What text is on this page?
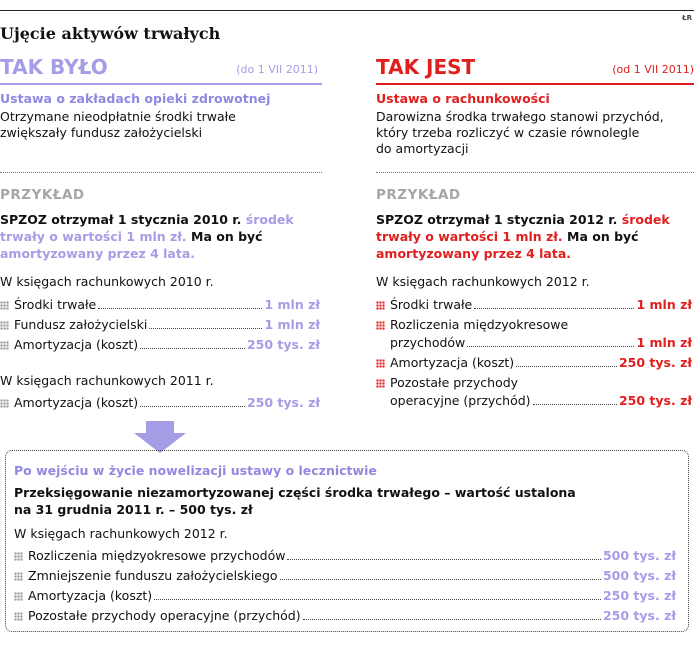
ŁR
Ujęcie aktywów trwałych
TAK BYŁO	(do 1 VII 2011)
Ustawa o zakładach opieki zdrowotnej
Otrzymane nieodpłatnie środki trwałe
zwiększały fundusz założycielski
PRZYKŁAD
SPZOZ otrzymał 1 stycznia 2010 r. środek
trwały o wartości 1 mln zł. Ma on być
amortyzowany przez 4 lata.
W księgach rachunkowych 2010 r.
Środki trwałe	1 mln zł
Fundusz założycielski	1 mln zł
Amortyzacja (koszt)	250 tys. zł
W księgach rachunkowych 2011 r.
Amortyzacja (koszt)	250 tys. zł
TAK JEST	(od 1 VII 2011)
Ustawa o rachunkowości
Darowizna środka trwałego stanowi przychód,
który trzeba rozliczyć w czasie równolegle
do amortyzacji
PRZYKŁAD
SPZOZ otrzymał 1 stycznia 2012 r. środek
trwały o wartości 1 mln zł. Ma on być
amortyzowany przez 4 lata.
W księgach rachunkowych 2012 r.
Środki trwałe	1 mln zł
Rozliczenia międzyokresowe
przychodów	1 mln zł
Amortyzacja (koszt)	250 tys. zł
Pozostałe przychody
operacyjne (przychód)	250 tys. zł
Po wejściu w życie nowelizacji ustawy o lecznictwie
Przeksięgowanie niezamortyzowanej części środka trwałego – wartość ustalona
na 31 grudnia 2011 r. – 500 tys. zł
W księgach rachunkowych 2012 r.
Rozliczenia międzyokresowe przychodów	500 tys. zł
Zmniejszenie funduszu założycielskiego	500 tys. zł
Amortyzacja (koszt)	250 tys. zł
Pozostałe przychody operacyjne (przychód)	250 tys. zł
